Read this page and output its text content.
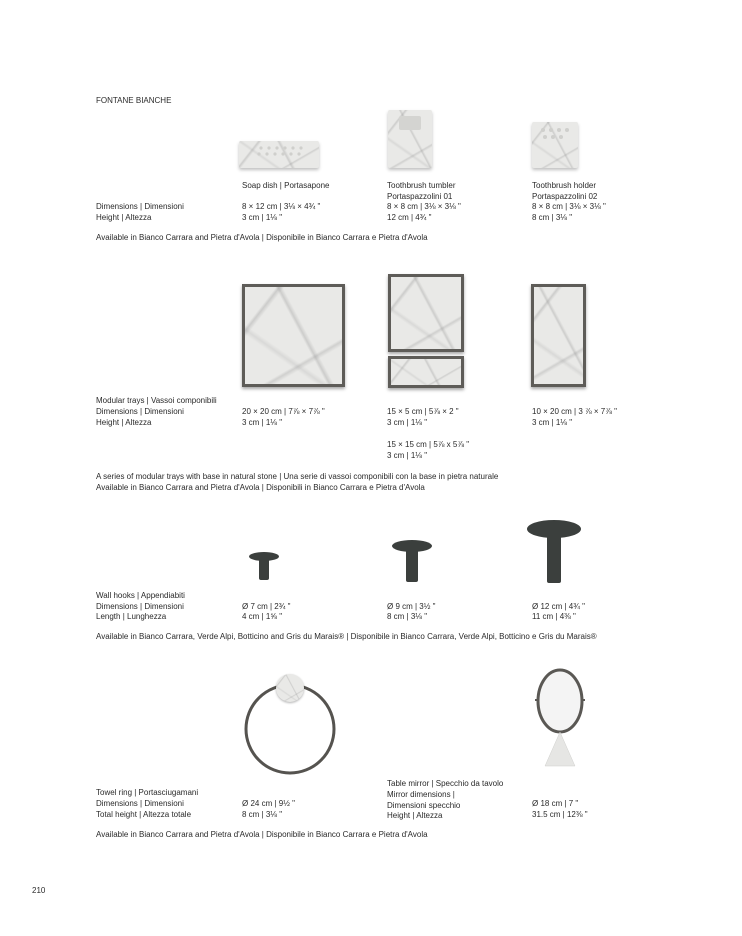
FONTANE BIANCHE
Soap dish | Portasapone	Toothbrush tumbler
Portaspazzolini 01
Toothbrush holder
Portaspazzolini 02
Dimensions | Dimensioni
Height | Altezza
8 × 12 cm | 3⅛ × 4¾ "
3 cm | 1⅛ "
8 × 8 cm | 3⅛ × 3⅛ "
12 cm | 4¾ "
8 × 8 cm | 3⅛ × 3⅛ "
8 cm | 3⅛ "
Available in Bianco Carrara and Pietra d'Avola | Disponibile in Bianco Carrara e Pietra d'Avola
Modular trays | Vassoi componibili
Dimensions | Dimensioni
Height | Altezza
20 × 20 cm | 7⅞ × 7⅞ "
3 cm | 1⅛ "
15 × 5 cm | 5⅞ × 2 "
3 cm | 1⅛ "
15 × 15 cm | 5⅞ x 5⅞ "
3 cm | 1⅛ "
10 × 20 cm | 3 ⅞ × 7⅞ "
3 cm | 1⅛ "
A series of modular trays with base in natural stone | Una serie di vassoi componibili con la base in pietra naturale
Available in Bianco Carrara and Pietra d'Avola | Disponibili in Bianco Carrara e Pietra d'Avola
Wall hooks | Appendiabiti
Dimensions | Dimensioni
Length | Lunghezza
Ø 7 cm | 2¾ "
4 cm | 1⅝ "
Ø 9 cm | 3½ "
8 cm | 3⅛ "
Ø 12 cm | 4¾ "
11 cm | 4⅜ "
Available in Bianco Carrara, Verde Alpi, Botticino and Gris du Marais® | Disponibile in Bianco Carrara, Verde Alpi, Botticino e Gris du Marais®
Towel ring | Portasciugamani
Dimensions | Dimensioni
Total height | Altezza totale
Ø 24 cm | 9½ "
8 cm | 3⅛ "
Table mirror | Specchio da tavolo
Mirror dimensions |
Dimensioni specchio
Height | Altezza
Ø 18 cm | 7 "
31.5 cm | 12⅜ "
Available in Bianco Carrara and Pietra d'Avola | Disponibile in Bianco Carrara e Pietra d'Avola
210
